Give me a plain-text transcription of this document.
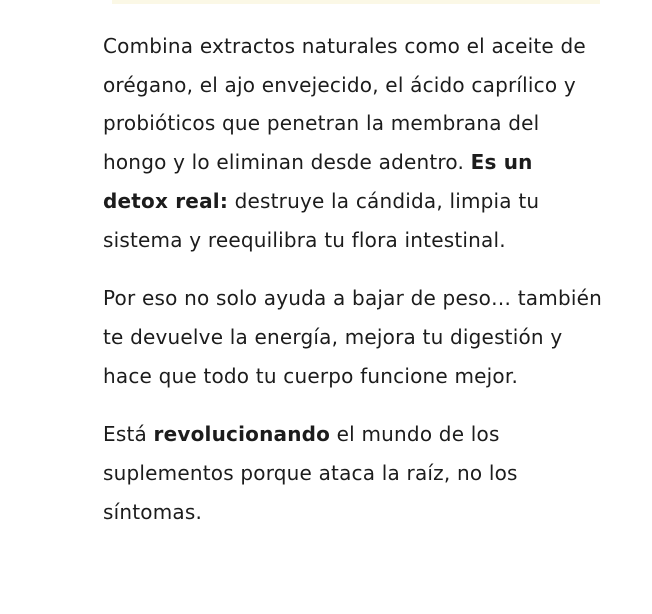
Combina extractos naturales como el aceite de orégano, el ajo envejecido, el ácido caprílico y probióticos que penetran la membrana del hongo y lo eliminan desde adentro. Es un detox real: destruye la cándida, limpia tu sistema y reequilibra tu flora intestinal.

Por eso no solo ayuda a bajar de peso… también te devuelve la energía, mejora tu digestión y hace que todo tu cuerpo funcione mejor.

Está revolucionando el mundo de los suplementos porque ataca la raíz, no los síntomas.
